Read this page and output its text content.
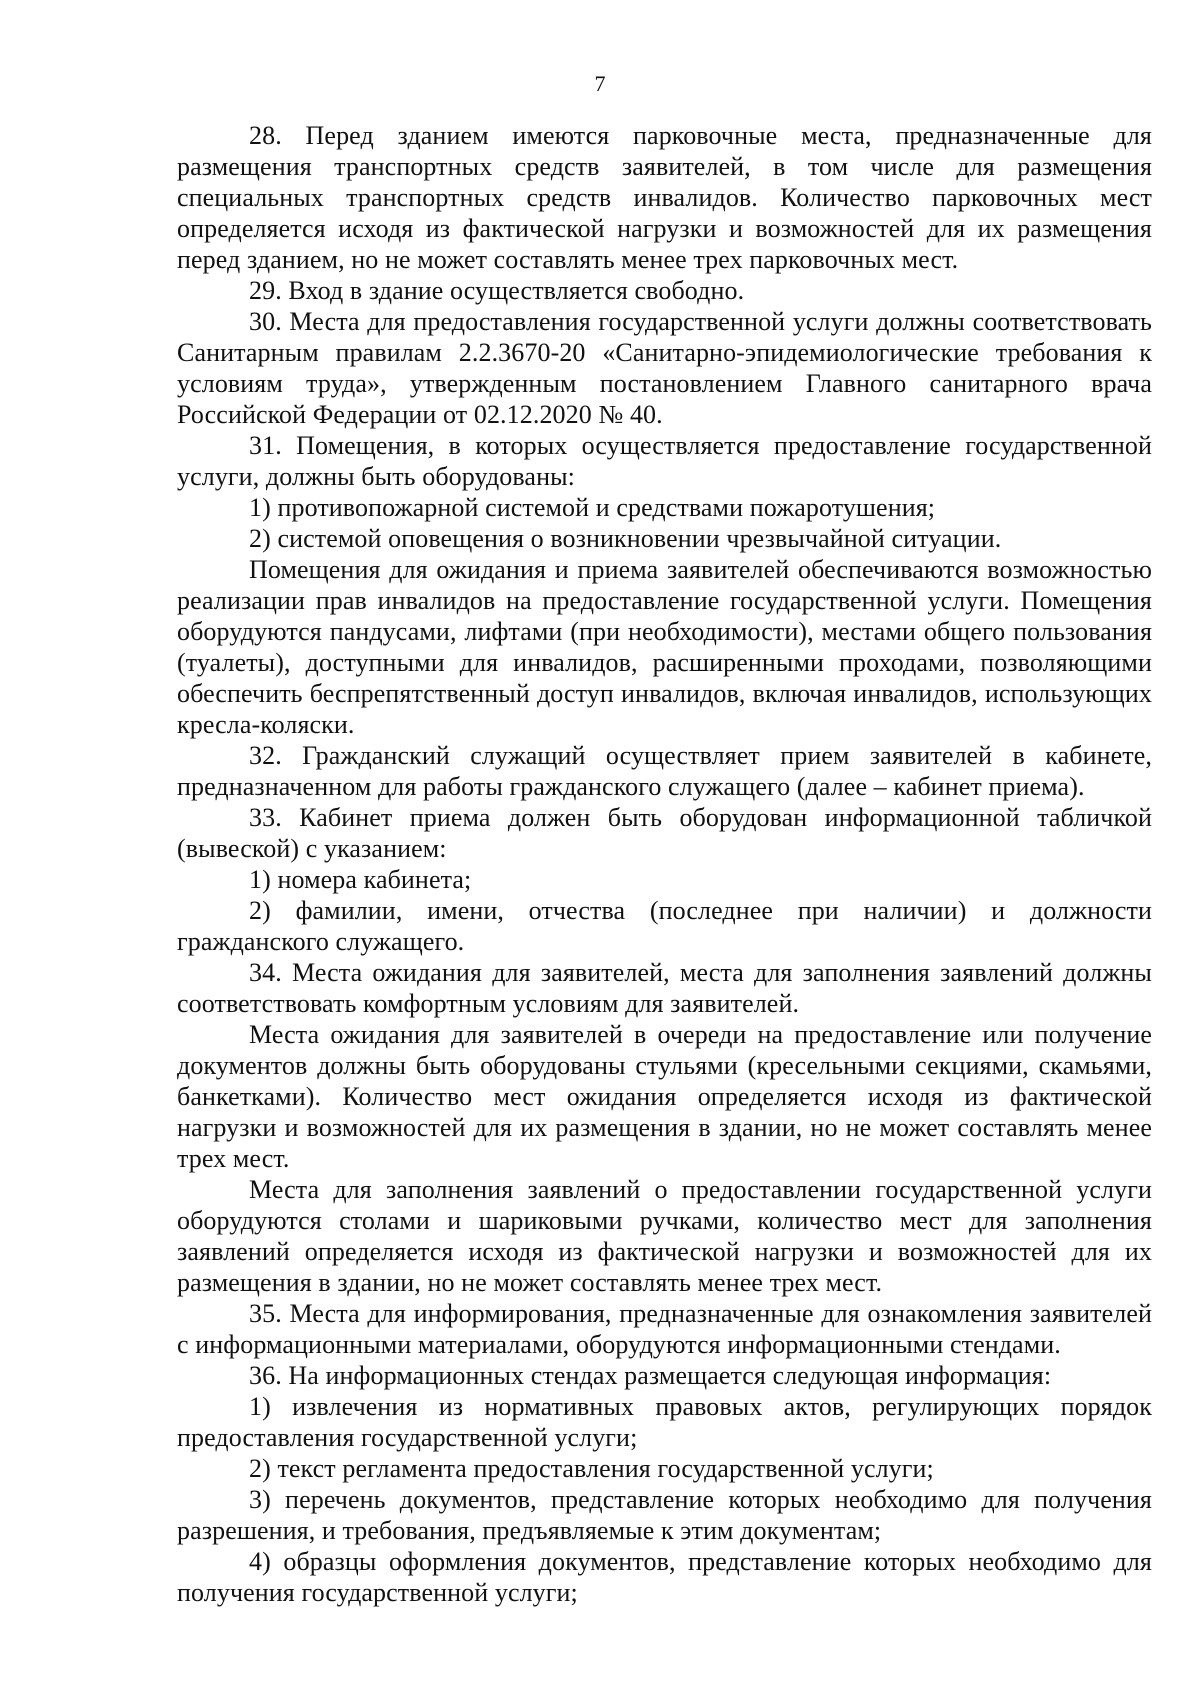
7

28. Перед зданием имеются парковочные места, предназначенные для размещения транспортных средств заявителей, в том числе для размещения специальных транспортных средств инвалидов. Количество парковочных мест определяется исходя из фактической нагрузки и возможностей для их размещения перед зданием, но не может составлять менее трех парковочных мест.

29. Вход в здание осуществляется свободно.

30. Места для предоставления государственной услуги должны соответствовать Санитарным правилам 2.2.3670-20 «Санитарно-эпидемиологические требования к условиям труда», утвержденным постановлением Главного санитарного врача Российской Федерации от 02.12.2020 № 40.

31. Помещения, в которых осуществляется предоставление государственной услуги, должны быть оборудованы:

1) противопожарной системой и средствами пожаротушения;

2) системой оповещения о возникновении чрезвычайной ситуации.

Помещения для ожидания и приема заявителей обеспечиваются возможностью реализации прав инвалидов на предоставление государственной услуги. Помещения оборудуются пандусами, лифтами (при необходимости), местами общего пользования (туалеты), доступными для инвалидов, расширенными проходами, позволяющими обеспечить беспрепятственный доступ инвалидов, включая инвалидов, использующих кресла-коляски.

32. Гражданский служащий осуществляет прием заявителей в кабинете, предназначенном для работы гражданского служащего (далее – кабинет приема).

33. Кабинет приема должен быть оборудован информационной табличкой (вывеской) с указанием:

1) номера кабинета;

2) фамилии, имени, отчества (последнее при наличии) и должности гражданского служащего.

34. Места ожидания для заявителей, места для заполнения заявлений должны соответствовать комфортным условиям для заявителей.

Места ожидания для заявителей в очереди на предоставление или получение документов должны быть оборудованы стульями (кресельными секциями, скамьями, банкетками). Количество мест ожидания определяется исходя из фактической нагрузки и возможностей для их размещения в здании, но не может составлять менее трех мест.

Места для заполнения заявлений о предоставлении государственной услуги оборудуются столами и шариковыми ручками, количество мест для заполнения заявлений определяется исходя из фактической нагрузки и возможностей для их размещения в здании, но не может составлять менее трех мест.

35. Места для информирования, предназначенные для ознакомления заявителей с информационными материалами, оборудуются информационными стендами.

36. На информационных стендах размещается следующая информация:

1) извлечения из нормативных правовых актов, регулирующих порядок предоставления государственной услуги;

2) текст регламента предоставления государственной услуги;

3) перечень документов, представление которых необходимо для получения разрешения, и требования, предъявляемые к этим документам;

4) образцы оформления документов, представление которых необходимо для получения государственной услуги;
